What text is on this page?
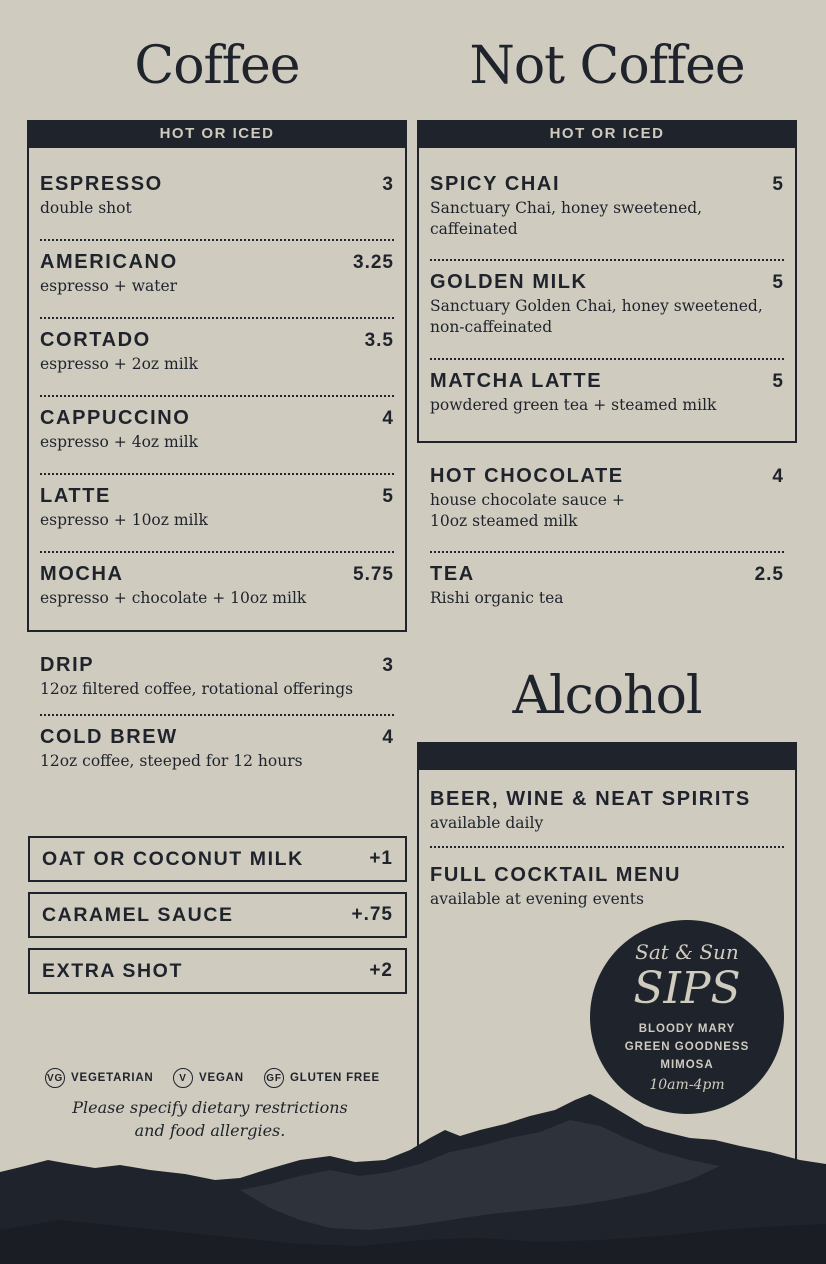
Coffee
HOT OR ICED
ESPRESSO	3
double shot
AMERICANO	3.25
espresso + water
CORTADO	3.5
espresso + 2oz milk
CAPPUCCINO	4
espresso + 4oz milk
LATTE	5
espresso + 10oz milk
MOCHA	5.75
espresso + chocolate + 10oz milk
DRIP	3
12oz filtered coffee, rotational offerings
COLD BREW	4
12oz coffee, steeped for 12 hours
OAT OR COCONUT MILK	+1
CARAMEL SAUCE	+.75
EXTRA SHOT	+2
VG VEGETARIAN	V	VEGAN GF GLUTEN FREE
Please specify dietary restrictions
and food allergies.
Not Coffee
HOT OR ICED
SPICY CHAI	5
Sanctuary Chai, honey sweetened,
caffeinated
GOLDEN MILK	5
Sanctuary Golden Chai, honey sweetened,
non-caffeinated
MATCHA LATTE	5
powdered green tea + steamed milk
HOT CHOCOLATE	4
house chocolate sauce +
10oz steamed milk
TEA	2.5
Rishi organic tea
Alcohol
BEER, WINE & NEAT SPIRITS
available daily
FULL COCKTAIL MENU
available at evening events
Sat & Sun
SIPS
BLOODY MARY
GREEN GOODNESS
MIMOSA
10am-4pm
